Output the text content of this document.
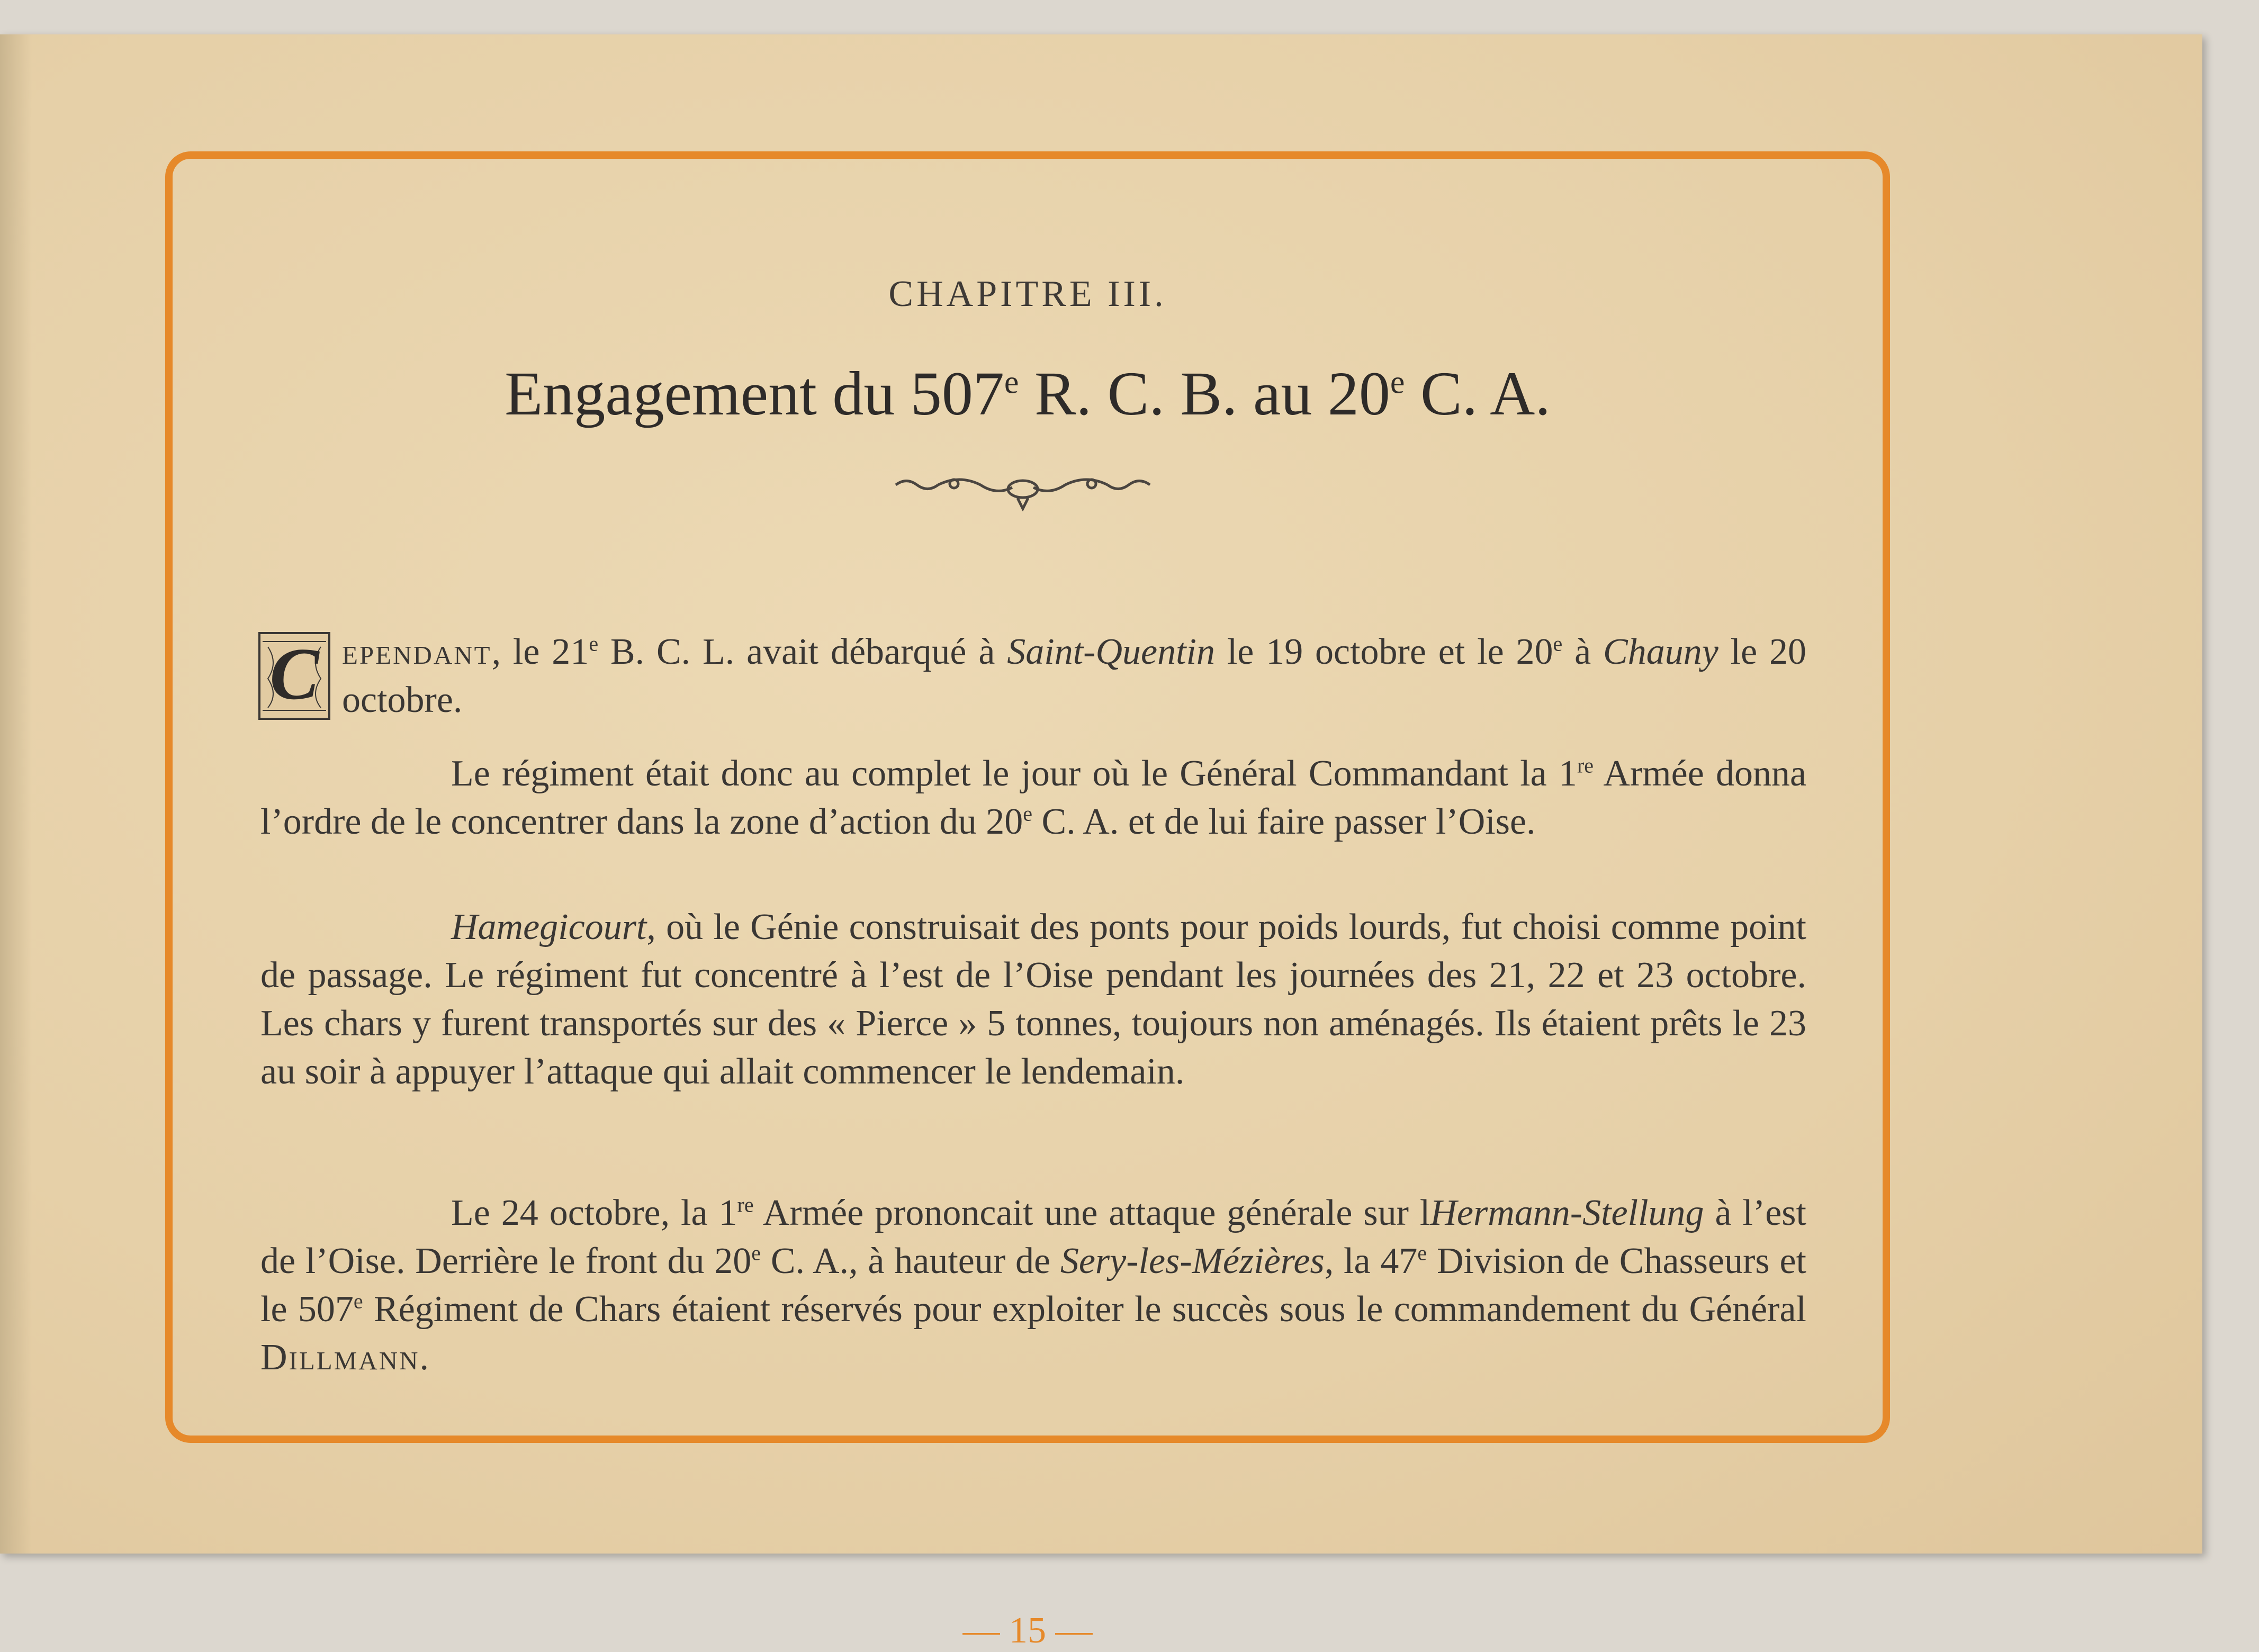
CHAPITRE III.
Engagement du 507e R. C. B. au 20e C. A.
C ependant, le 21e B. C. L. avait débarqué à Saint-Quentin le 19 octobre et le 20e à Chauny le 20 octobre.
Le régiment était donc au complet le jour où le Général Commandant la 1re Armée donna l’ordre de le concentrer dans la zone d’action du 20e C. A. et de lui faire passer l’Oise.
Hamegicourt, où le Génie construisait des ponts pour poids lourds, fut choisi comme point de passage. Le régiment fut concentré à l’est de l’Oise pendant les journées des 21, 22 et 23 octobre. Les chars y furent transportés sur des « Pierce » 5 tonnes, toujours non aménagés. Ils étaient prêts le 23 au soir à appuyer l’attaque qui allait commencer le lendemain.
Le 24 octobre, la 1re Armée prononcait une attaque générale sur lHermann-Stellung à l’est de l’Oise. Derrière le front du 20e C. A., à hauteur de Sery-les-Mézières, la 47e Division de Chasseurs et le 507e Régiment de Chars étaient réservés pour exploiter le succès sous le commandement du Général Dillmann.
— 15 —
